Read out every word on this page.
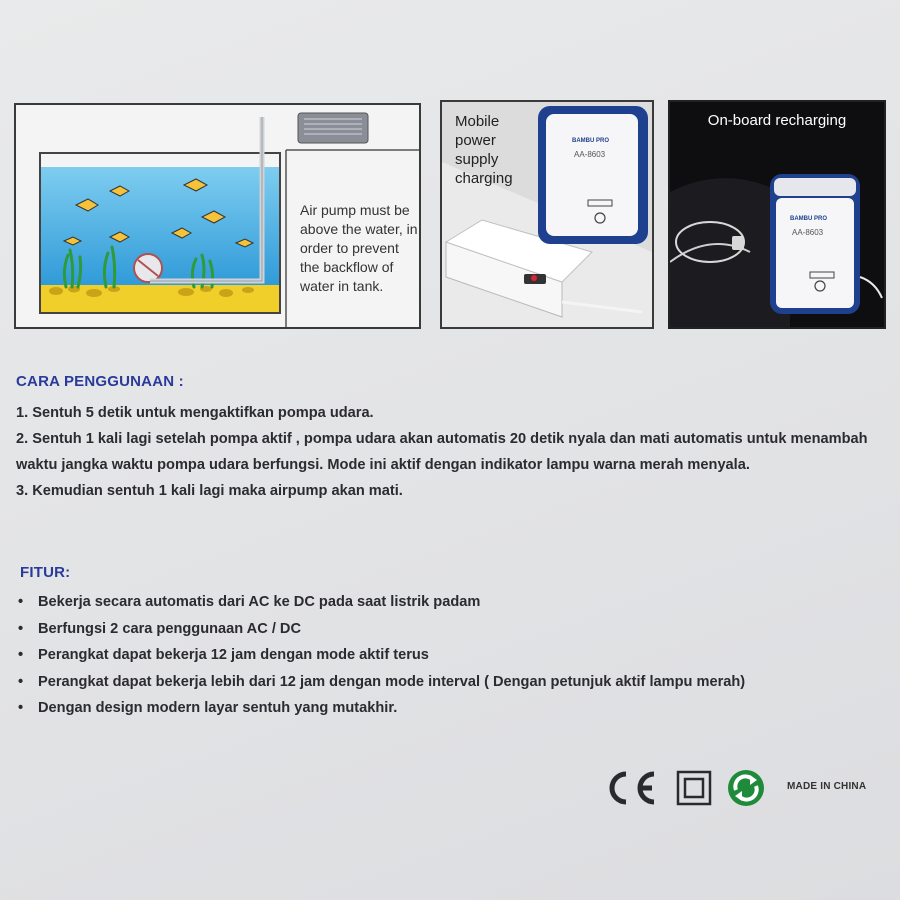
Air pump must be above the water, in order to prevent the backflow of water in tank.
BAMBU PRO
AA-8603
Mobile power supply charging
BAMBU PRO
AA-8603
On-board recharging
CARA PENGGUNAAN :
1. Sentuh 5 detik untuk mengaktifkan pompa udara.
2. Sentuh 1 kali lagi setelah pompa aktif , pompa udara akan automatis 20 detik nyala dan mati automatis untuk menambah waktu jangka waktu pompa udara berfungsi. Mode ini aktif dengan indikator lampu warna merah menyala.
3. Kemudian sentuh 1 kali lagi maka airpump akan mati.
FITUR:
• Bekerja secara automatis dari AC ke DC pada saat listrik padam
• Berfungsi 2 cara penggunaan AC / DC
• Perangkat dapat bekerja 12 jam dengan mode aktif terus
• Perangkat dapat bekerja lebih dari 12 jam dengan mode interval ( Dengan petunjuk aktif lampu merah)
• Dengan design modern layar sentuh yang mutakhir.
MADE IN CHINA
